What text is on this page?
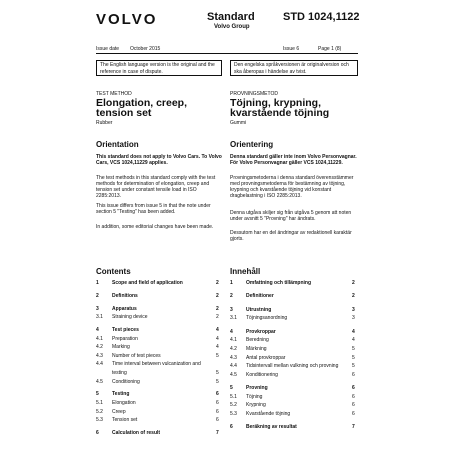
VOLVO	Standard
Volvo Group
STD 1024,1122
Issue date October 2015	Issue 6	Page 1 (8)
The English language version is the original and the reference in case of dispute.
Den engelska språkversionen är originalversion och ska åberopas i händelse av tvist.
TEST METHOD
Elongation, creep, tension set
Rubber
Orientation
This standard does not apply to Volvo Cars. To Volvo Cars, VCS 1024,11229 applies.
The test methods in this standard comply with the test methods for determination of elongation, creep and tension set under constant tensile load in ISO 2285:2013.
This issue differs from issue 5 in that the note under section 5 "Testing" has been added.
In addition, some editorial changes have been made.
PROVNINGSMETOD
Töjning, krypning, kvarstående töjning
Gummi
Orientering
Denna standard gäller inte inom Volvo Personvagnar. För Volvo Personvagnar gäller VCS 1024,11229.
Provningsmetoderna i denna standard överensstämmer med provningsmetoderna för bestämning av töjning, krypning och kvarstående töjning vid konstant dragbelastning i ISO 2285:2013.
Denna utgåva skiljer sig från utgåva 5 genom att noten under avsnitt 5 "Provning" har ändrats.
Dessutom har en del ändringar av redaktionell karaktär gjorts.
Contents	Innehåll
1	Scope and field of application	2
2	Definitions	2
3	Apparatus	2
3.1 Straining device	2
4	Test pieces	4
4.1 Preparation	4
4.2 Marking	4
4.3 Number of test pieces	5
4.4 Time interval between vulcanization and
testing	5
4.5 Conditioning	5
5	Testing	6
5.1 Elongation	6
5.2 Creep	6
5.3 Tension set	6
6	Calculation of result	7
1	Omfattning och tillämpning	2
2	Definitioner	2
3	Utrustning	3
3.1 Töjningsanordning	3
4	Provkroppar	4
4.1 Beredning	4
4.2 Märkning	5
4.3 Antal provkroppar	5
4.4 Tidsintervall mellan vulkning och provning	5
4.5 Konditionering	6
5	Provning	6
5.1 Töjning	6
5.2 Krypning	6
5.3 Kvarstående töjning	6
6	Beräkning av resultat	7
